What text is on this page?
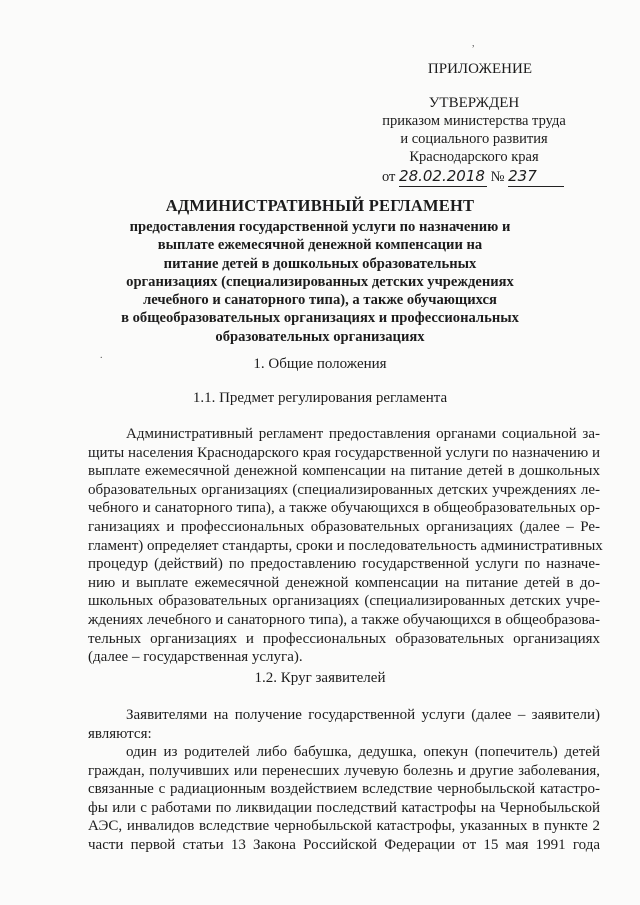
,
ПРИЛОЖЕНИЕ
УТВЕРЖДЕН
приказом министерства труда
и социального развития
Краснодарского края
от 28.02.2018 № 237
АДМИНИСТРАТИВНЫЙ РЕГЛАМЕНТ
предоставления государственной услуги по назначению и
выплате ежемесячной денежной компенсации на
питание детей в дошкольных образовательных
организациях (специализированных детских учреждениях
лечебного и санаторного типа), а также обучающихся
в общеобразовательных организациях и профессиональных
образовательных организациях
.
1. Общие положения
1.1. Предмет регулирования регламента
Административный регламент предоставления органами социальной за-
щиты населения Краснодарского края государственной услуги по назначению и
выплате ежемесячной денежной компенсации на питание детей в дошкольных
образовательных организациях (специализированных детских учреждениях ле-
чебного и санаторного типа), а также обучающихся в общеобразовательных ор-
ганизациях и профессиональных образовательных организациях (далее – Ре-
гламент) определяет стандарты, сроки и последовательность административных
процедур (действий) по предоставлению государственной услуги по назначе-
нию и выплате ежемесячной денежной компенсации на питание детей в до-
школьных образовательных организациях (специализированных детских учре-
ждениях лечебного и санаторного типа), а также обучающихся в общеобразова-
тельных организациях и профессиональных образовательных организациях
(далее – государственная услуга).
1.2. Круг заявителей
Заявителями на получение государственной услуги (далее – заявители)
являются:
один из родителей либо бабушка, дедушка, опекун (попечитель) детей
граждан, получивших или перенесших лучевую болезнь и другие заболевания,
связанные с радиационным воздействием вследствие чернобыльской катастро-
фы или с работами по ликвидации последствий катастрофы на Чернобыльской
АЭС, инвалидов вследствие чернобыльской катастрофы, указанных в пункте 2
части первой статьи 13 Закона Российской Федерации от 15 мая 1991 года
